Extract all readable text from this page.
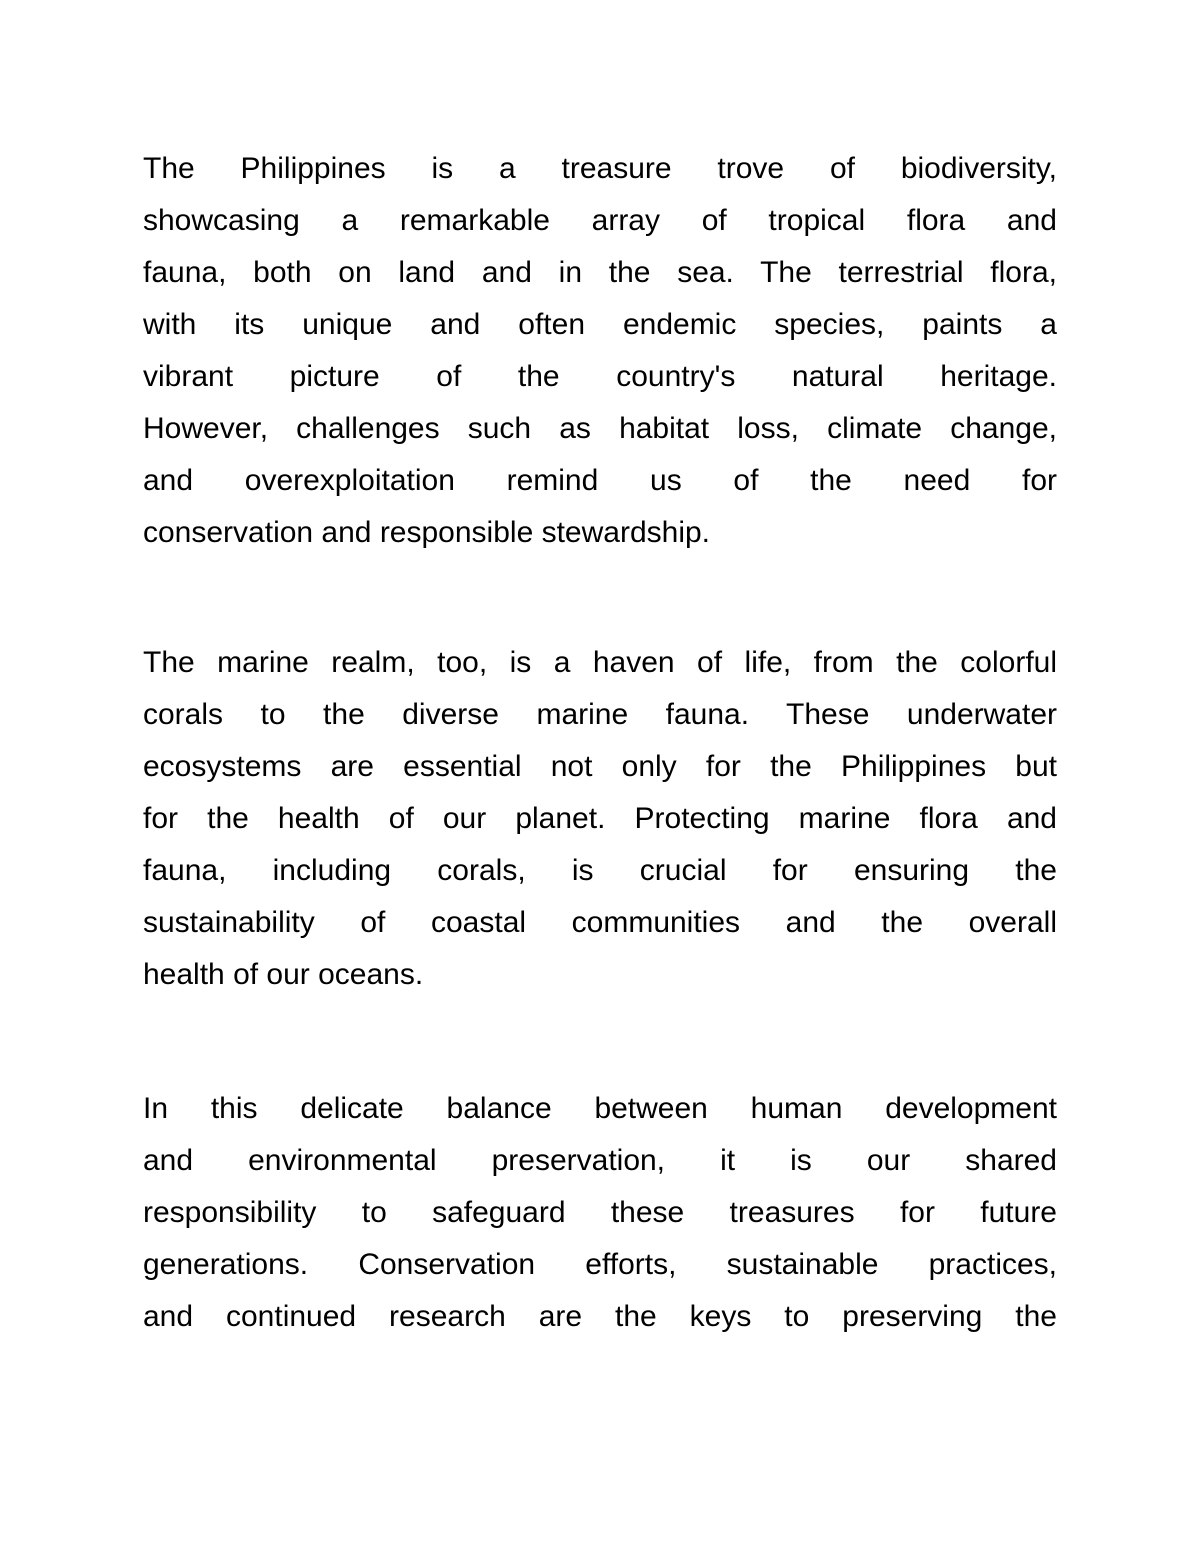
The Philippines is a treasure trove of biodiversity,
showcasing a remarkable array of tropical flora and
fauna, both on land and in the sea. The terrestrial flora,
with its unique and often endemic species, paints a
vibrant picture of the country's natural heritage.
However, challenges such as habitat loss, climate change,
and overexploitation remind us of the need for
conservation and responsible stewardship.
The marine realm, too, is a haven of life, from the colorful
corals to the diverse marine fauna. These underwater
ecosystems are essential not only for the Philippines but
for the health of our planet. Protecting marine flora and
fauna, including corals, is crucial for ensuring the
sustainability of coastal communities and the overall
health of our oceans.
In this delicate balance between human development
and environmental preservation, it is our shared
responsibility to safeguard these treasures for future
generations. Conservation efforts, sustainable practices,
and continued research are the keys to preserving the
